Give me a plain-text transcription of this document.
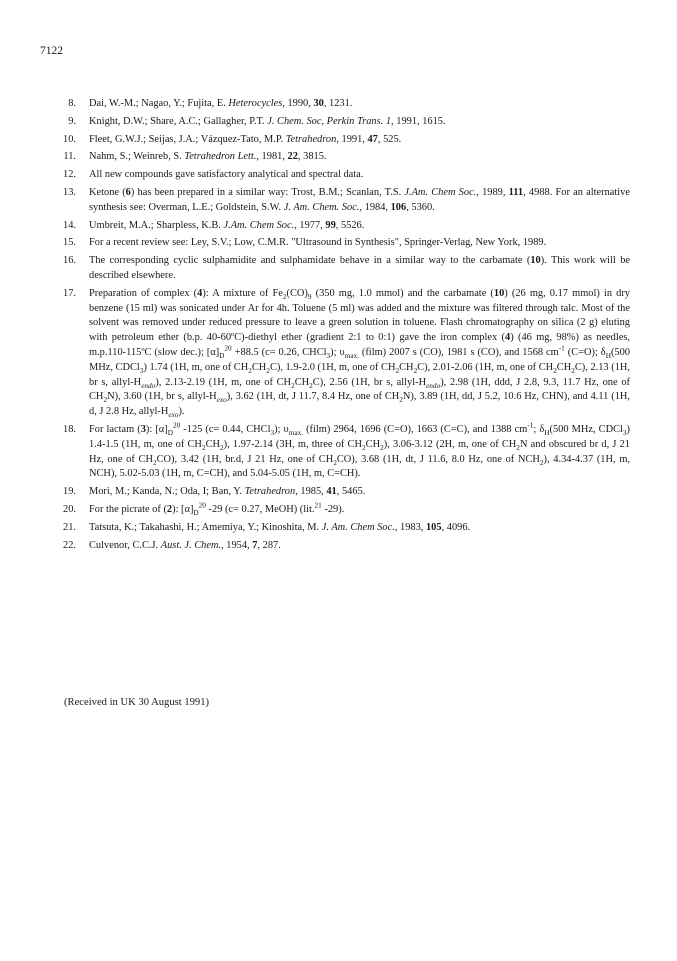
7122
8.	Dai, W.-M.; Nagao, Y.; Fujita, E. Heterocycles, 1990, 30, 1231.
9.	Knight, D.W.; Share, A.C.; Gallagher, P.T. J. Chem. Soc, Perkin Trans. 1, 1991, 1615.
10.	Fleet, G.W.J.; Seijas, J.A.; Vázquez-Tato, M.P. Tetrahedron, 1991, 47, 525.
11.	Nahm, S.; Weinreb, S. Tetrahedron Lett., 1981, 22, 3815.
12.	All new compounds gave satisfactory analytical and spectral data.
13.	Ketone (6) has been prepared in a similar way: Trost, B.M.; Scanlan, T.S. J.Am. Chem Soc., 1989, 111, 4988. For an alternative synthesis see: Overman, L.E.; Goldstein, S.W. J. Am. Chem. Soc., 1984, 106, 5360.
14.	Umbreit, M.A.; Sharpless, K.B. J.Am. Chem Soc., 1977, 99, 5526.
15.	For a recent review see: Ley, S.V.; Low, C.M.R. "Ultrasound in Synthesis", Springer-Verlag, New York, 1989.
16.	The corresponding cyclic sulphamidite and sulphamidate behave in a similar way to the carbamate (10). This work will be described elsewhere.
17.	Preparation of complex (4): A mixture of $Fe_2(CO)_9$ (350 mg, 1.0 mmol) and the carbamate (10) (26 mg, 0.17 mmol) in dry benzene (15 ml) was sonicated under Ar for 4h. Toluene (5 ml) was added and the mixture was filtered through talc. Most of the solvent was removed under reduced pressure to leave a green solution in toluene. Flash chromatography on silica (2 g) eluting with petroleum ether (b.p. 40-60ºC)-diethyl ether (gradient 2:1 to 0:1) gave the iron complex (4) (46 mg, 98%) as needles, m.p.110-115ºC (slow dec.); $[\alpha]_D^{20} +88.5$ (c= 0.26, CHCl$_3$); $\upsilon_{max.}$ (film) 2007 s (CO), 1981 s (CO), and 1568 $cm^{-1}$ (C=O); $\delta_H(500$ MHz, CDCl$_3$) 1.74 (1H, m, one of $CH_2CH_2C$), 1.9-2.0 (1H, m, one of $CH_2CH_2C$), 2.01-2.06 (1H, m, one of $CH_2CH_2C$), 2.13 (1H, br s, allyl-$H_{endo}$), 2.13-2.19 (1H, m, one of $CH_2CH_2C$), 2.56 (1H, br s, allyl-$H_{endo}$), 2.98 (1H, ddd, J 2.8, 9.3, 11.7 Hz, one of $CH_2N$), 3.60 (1H, br s, allyl-$H_{exo}$), 3.62 (1H, dt, J 11.7, 8.4 Hz, one of $CH_2N$), 3.89 (1H, dd, J 5.2, 10.6 Hz, CHN), and 4.11 (1H, d, J 2.8 Hz, allyl-$H_{exo}$).
18.	For lactam (3): $[\alpha]_D^{20}$ -125 (c= 0.44, CHCl$_3$); $\upsilon_{max.}$ (film) 2964, 1696 (C=O), 1663 (C=C), and 1388 $cm^{-1}$; $\delta_H(500$ MHz, CDCl$_3$) 1.4-1.5 (1H, m, one of $CH_2CH_2$), 1.97-2.14 (3H, m, three of $CH_2CH_2$), 3.06-3.12 (2H, m, one of $CH_2N$ and obscured br d, J 21 Hz, one of $CH_2CO$), 3.42 (1H, br.d, J 21 Hz, one of $CH_2CO$), 3.68 (1H, dt, J 11.6, 8.0 Hz, one of $NCH_2$), 4.34-4.37 (1H, m, NCH), 5.02-5.03 (1H, m, C=CH), and 5.04-5.05 (1H, m, C=CH).
19.	Mori, M.; Kanda, N.; Oda, I; Ban, Y. Tetrahedron, 1985, 41, 5465.
20.	For the picrate of (2): $[\alpha]_D^{20}$ -29 (c= 0.27, MeOH) (lit.$^{21}$ -29).
21.	Tatsuta, K.; Takahashi, H.; Amemiya, Y.; Kinoshita, M. J. Am. Chem Soc., 1983, 105, 4096.
22.	Culvenor, C.C.J. Aust. J. Chem., 1954, 7, 287.
(Received in UK 30 August 1991)
